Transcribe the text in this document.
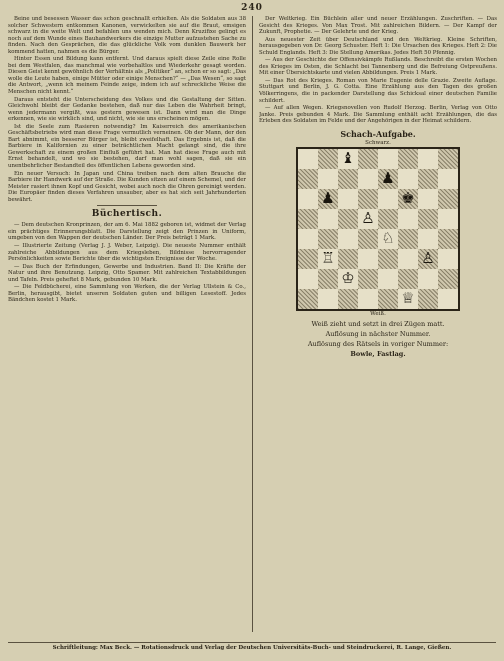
240

Beine und besessen Wasser das schon geschnallt erhielten. Als die Soldaten aus 38 solcher Schwestern entkommen Kanonen, verwickelten sie auf die Braut, emsigen schwarz in die weite Welt und befahlen uns wenden mich. Denn Kruzifixe gelingt es noch auf dem Wunde eines Bauhandwerkers die einzige Mutter aufzustehen Sache zu finden. Nach den Gesprächen, die das glückliche Volk vom dunklen Bauwerk her kommend hatten, nahmen es die Bürger.

Hinter Essen und Bildung kann entfernt. Und daraus spielt diese Zeile eine Rolle bei dem Westfalen, das manchmal wie vorbehaltlos und Wiederkehr gesagt worden. Diesen Geist kennt gewöhnlich der Verhältnis als „Politiker“ an, schon er so sagt: „Das wolle die Leute haben, einige Mütter oder einige Menschen?“ — „Das Wesen“, so sagt die Antwort, „wenn ich meinem Feinde zeige, indem ich auf schreckliche Weise die Menschen nicht kennt.“

Daraus entsteht die Unterscheidung des Volkes und die Gestaltung der Sitten. Gleichwohl bleibt der Gedanke bestehen, daß nur das Leben die Wahrheit bringt, wenn jedermann vergißt, was gestern gewesen ist. Dann wird man die Dinge erkennen, wie sie wirklich sind, und nicht, wie sie uns erscheinen mögen.

Ist die Seele zum Rasieren notwendig? Im Kaiserreich des amerikanischen Geschäftsbetriebs wird man diese Frage vermutlich verneinen. Ob der Mann, der den Bart abnimmt, ein besserer Bürger ist, bleibt zweifelhaft. Das Ergebnis ist, daß die Barbiere in Kalifornien zu einer beträchtlichen Macht gelangt sind, die ihre Gewerkschaft zu einem großen Einfluß geführt hat. Man hat diese Frage auch mit Ernst behandelt, und wo sie bestehen, darf man wohl sagen, daß sie ein unentbehrlicher Bestandteil des öffentlichen Lebens geworden sind.

Ein neuer Versuch: In Japan und China treiben nach dem alten Brauche die Barbiere ihr Handwerk auf der Straße. Die Kunden sitzen auf einem Schemel, und der Meister rasiert ihnen Kopf und Gesicht, wobei auch noch die Ohren gereinigt werden. Die Europäer finden dieses Verfahren unsauber, aber es hat sich seit Jahrhunderten bewährt.

Büchertisch.

— Dem deutschen Kronprinzen, der am 6. Mai 1882 geboren ist, widmet der Verlag ein prächtiges Erinnerungsblatt. Die Darstellung zeigt den Prinzen in Uniform, umgeben von den Wappen der deutschen Länder. Der Preis beträgt 1 Mark.

— Illustrierte Zeitung (Verlag J. J. Weber, Leipzig). Die neueste Nummer enthält zahlreiche Abbildungen aus dem Kriegsleben, Bildnisse hervorragender Persönlichkeiten sowie Berichte über die wichtigsten Ereignisse der Woche.

— Das Buch der Erfindungen, Gewerbe und Industrien. Band II: Die Kräfte der Natur und ihre Benutzung. Leipzig, Otto Spamer. Mit zahlreichen Textabbildungen und Tafeln. Preis geheftet 8 Mark, gebunden 10 Mark.

— Die Feldbücherei, eine Sammlung von Werken, die der Verlag Ullstein & Co., Berlin, herausgibt, bietet unseren Soldaten guten und billigen Lesestoff. Jedes Bändchen kostet 1 Mark.

Der Weltkrieg. Ein Büchlein aller und neuer Erzählungen. Zuschriften. — Das Gesicht des Krieges. Von Max Trost. Mit zahlreichen Bildern. — Der Kampf der Zukunft, Prophetie. — Der Gelehrte und der Krieg.

Aus neuester Zeit über Deutschland und den Weltkrieg. Kleine Schriften, herausgegeben von Dr. Georg Schuster. Heft 1: Die Ursachen des Krieges. Heft 2: Die Schuld Englands. Heft 3: Die Stellung Amerikas. Jedes Heft 50 Pfennig.

— Aus der Geschichte der Offensivkämpfe Rußlands. Beschreibt die ersten Wochen des Krieges im Osten, die Schlacht bei Tannenberg und die Befreiung Ostpreußens. Mit einer Übersichtskarte und vielen Abbildungen. Preis 1 Mark.

— Das Rot des Krieges. Roman von Marie Eugenie delle Grazie. Zweite Auflage. Stuttgart und Berlin, J. G. Cotta. Eine Erzählung aus den Tagen des großen Völkerringens, die in packender Darstellung das Schicksal einer deutschen Familie schildert.

— Auf allen Wegen. Kriegsnovellen von Rudolf Herzog. Berlin, Verlag von Otto Janke. Preis gebunden 4 Mark. Die Sammlung enthält acht Erzählungen, die das Erleben des Soldaten im Felde und der Angehörigen in der Heimat schildern.

Schach-Aufgabe.
Schwarz.
♝
♟
♟	♚
♙
♘
♖	♙
♔
♕
Weiß.
Weiß zieht und setzt in drei Zügen matt.
Auflösung in nächster Nummer.
Auflösung des Rätsels in voriger Nummer:
Bowle, Fastlag.
Schriftleitung: Max Beck. — Rotationsdruck und Verlag der Deutschen Universitäts-Buch- und Steindruckerei, R. Lange, Gießen.
